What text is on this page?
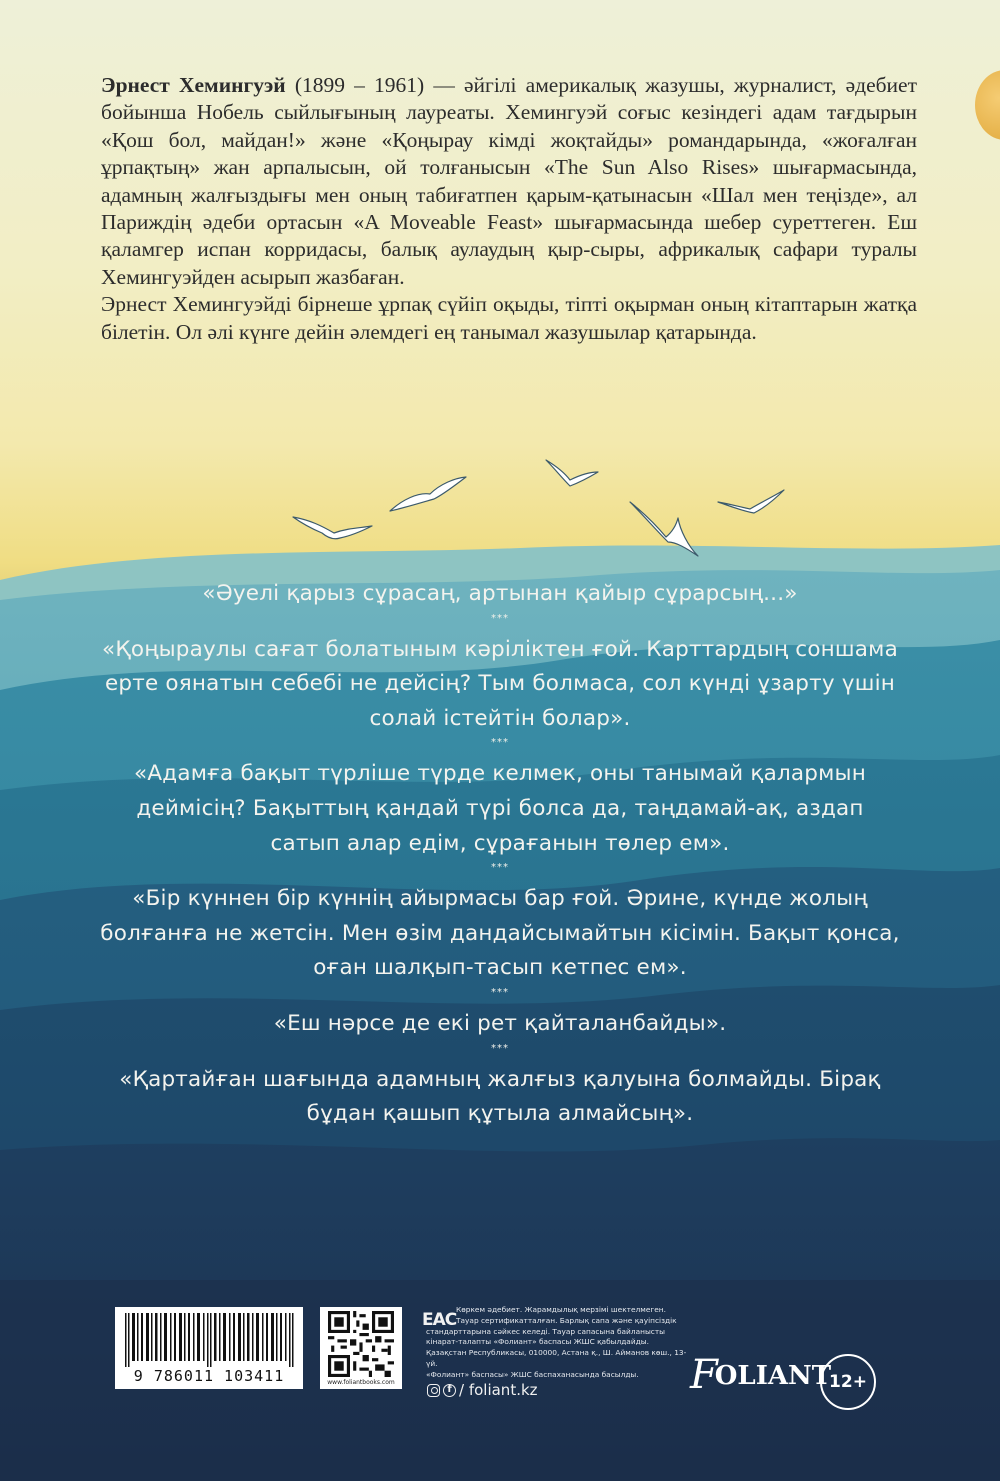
Эрнест Хемингуэй (1899 – 1961) — әйгілі америкалық жазушы, журналист, әдебиет бойынша Нобель сыйлығының лауреаты. Хемингуэй соғыс кезіндегі адам тағдырын «Қош бол, майдан!» және «Қоңырау кімді жоқтайды» романдарында, «жоғалған ұрпақтың» жан арпалысын, ой толғанысын «The Sun Also Rises» шығармасында, адамның жалғыздығы мен оның табиғатпен қарым-қатынасын «Шал мен теңізде», ал Париждің әдеби ортасын «A Moveable Feast» шығармасында шебер суреттеген. Еш қаламгер испан корридасы, балық аулаудың қыр-сыры, африкалық сафари туралы Хемингуэйден асырып жазбаған.

Эрнест Хемингуэйді бірнеше ұрпақ сүйіп оқыды, тіпті оқырман оның кітаптарын жатқа білетін. Ол әлі күнге дейін әлемдегі ең танымал жазушылар қатарында.

«Әуелі қарыз сұрасаң, артынан қайыр сұрарсың...»

***

«Қоңыраулы сағат болатыным кәріліктен ғой. Карттардың соншама ерте оянатын себебі не дейсің? Тым болмаса, сол күнді ұзарту үшін солай істейтін болар».

***

«Адамға бақыт түрліше түрде келмек, оны танымай қалармын деймісің? Бақыттың қандай түрі болса да, таңдамай-ақ, аздап сатып алар едім, сұрағанын төлер ем».

***

«Бір күннен бір күннің айырмасы бар ғой. Әрине, күнде жолың болғанға не жетсін. Мен өзім дандайсымайтын кісімін. Бақыт қонса, оған шалқып-тасып кетпес ем».

***

«Еш нәрсе де екі рет қайталанбайды».

***

«Қартайған шағында адамның жалғыз қалуына болмайды. Бірақ бұдан қашып құтыла алмайсың».

9 786011 103411	www.foliantbooks.com
EAC
Көркем әдебиет. Жарамдылық мерзімі шектелмеген.
Тауар сертификатталған. Барлық сапа және қауіпсіздік
стандарттарына сәйкес келеді. Тауар сапасына байланысты
кінарат-талапты «Фолиант» баспасы ЖШС қабылдайды.
Қазақстан Республикасы, 010000, Астана қ., Ш. Айманов көш., 13-үй.
«Фолиант» баспасы» ЖШС баспаханасында басылды.
f / foliant.kz	FOLIANT
12+
